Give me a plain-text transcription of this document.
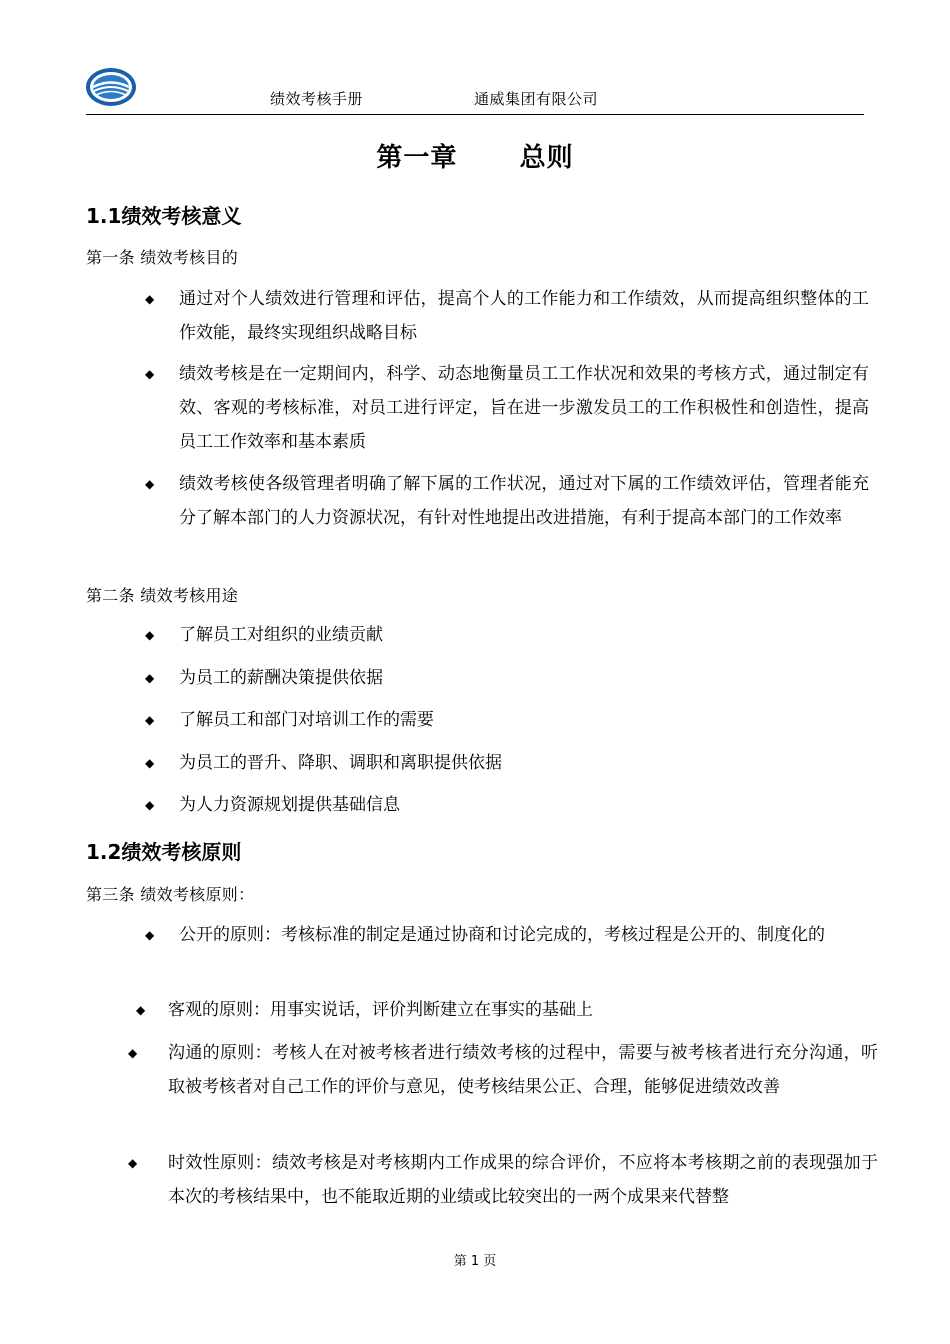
绩效考核手册	通威集团有限公司
第一章 总则
1.1绩效考核意义
第一条 绩效考核目的
◆ 通过对个人绩效进行管理和评估，提高个人的工作能力和工作绩效，从而提高组织整体的工作效能，最终实现组织战略目标
◆ 绩效考核是在一定期间内，科学、动态地衡量员工工作状况和效果的考核方式，通过制定有效、客观的考核标准，对员工进行评定，旨在进一步激发员工的工作积极性和创造性，提高员工工作效率和基本素质
◆ 绩效考核使各级管理者明确了解下属的工作状况，通过对下属的工作绩效评估，管理者能充分了解本部门的人力资源状况，有针对性地提出改进措施，有利于提高本部门的工作效率
第二条 绩效考核用途
◆ 了解员工对组织的业绩贡献
◆ 为员工的薪酬决策提供依据
◆ 了解员工和部门对培训工作的需要
◆ 为员工的晋升、降职、调职和离职提供依据
◆ 为人力资源规划提供基础信息
1.2绩效考核原则
第三条 绩效考核原则：
◆ 公开的原则：考核标准的制定是通过协商和讨论完成的，考核过程是公开的、制度化的
◆ 客观的原则：用事实说话，评价判断建立在事实的基础上
◆ 沟通的原则：考核人在对被考核者进行绩效考核的过程中，需要与被考核者进行充分沟通，听取被考核者对自己工作的评价与意见，使考核结果公正、合理，能够促进绩效改善
◆ 时效性原则：绩效考核是对考核期内工作成果的综合评价，不应将本考核期之前的表现强加于本次的考核结果中，也不能取近期的业绩或比较突出的一两个成果来代替整
第 1 页
